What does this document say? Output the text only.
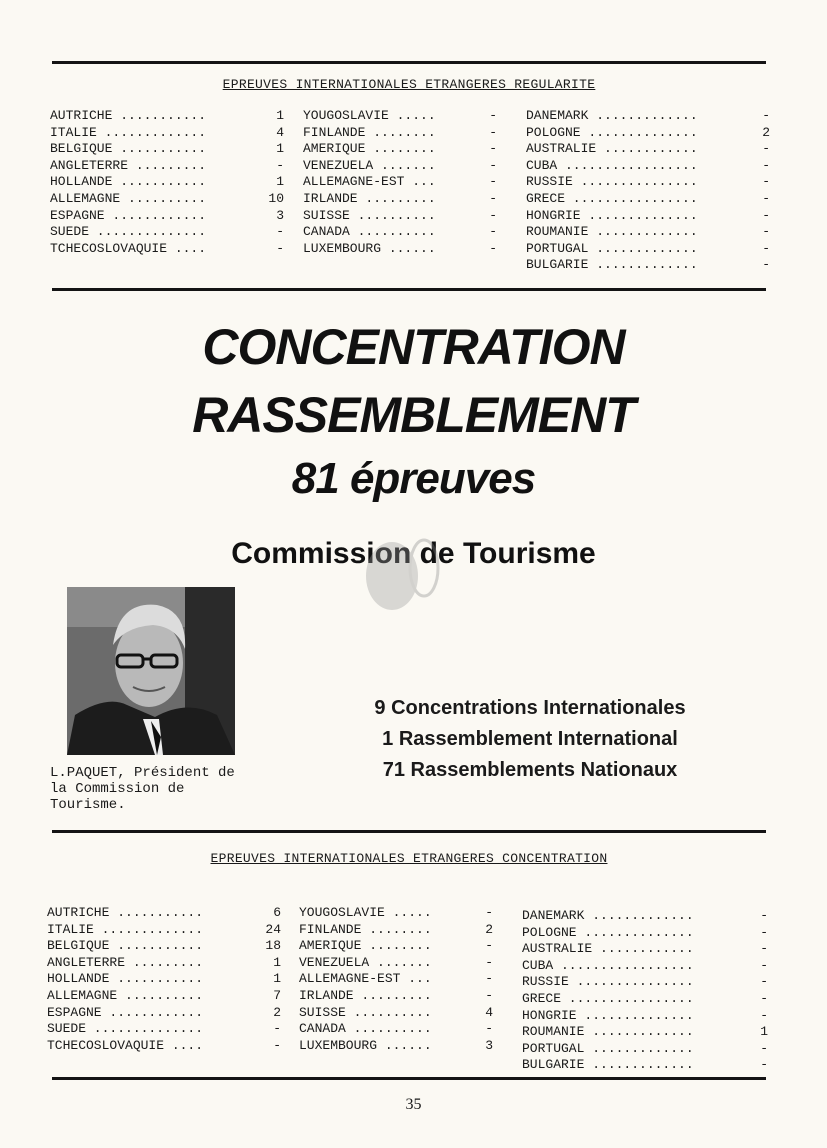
EPREUVES INTERNATIONALES ETRANGERES REGULARITE
AUTRICHE ...........	1
ITALIE .............	4
BELGIQUE ...........	1
ANGLETERRE .........	-
HOLLANDE ...........	1
ALLEMAGNE ..........	10
ESPAGNE ............	3
SUEDE ..............	-
TCHECOSLOVAQUIE ....	-
YOUGOSLAVIE .....	-
FINLANDE ........	-
AMERIQUE ........	-
VENEZUELA .......	-
ALLEMAGNE-EST ...	-
IRLANDE .........	-
SUISSE ..........	-
CANADA ..........	-
LUXEMBOURG ......	-
DANEMARK .............	-
POLOGNE ..............	2
AUSTRALIE ............	-
CUBA .................	-
RUSSIE ...............	-
GRECE ................	-
HONGRIE ..............	-
ROUMANIE .............	-
PORTUGAL .............	-
BULGARIE .............	-
CONCENTRATION
RASSEMBLEMENT
81 épreuves
Commission de Tourisme
L.PAQUET, Président de la Commission de Tourisme.
9 Concentrations Internationales
1 Rassemblement International
71 Rassemblements Nationaux
EPREUVES INTERNATIONALES ETRANGERES CONCENTRATION
AUTRICHE ...........	6
ITALIE .............	24
BELGIQUE ...........	18
ANGLETERRE .........	1
HOLLANDE ...........	1
ALLEMAGNE ..........	7
ESPAGNE ............	2
SUEDE ..............	-
TCHECOSLOVAQUIE ....	-
YOUGOSLAVIE .....	-
FINLANDE ........	2
AMERIQUE ........	-
VENEZUELA .......	-
ALLEMAGNE-EST ...	-
IRLANDE .........	-
SUISSE ..........	4
CANADA ..........	-
LUXEMBOURG ......	3
DANEMARK .............	-
POLOGNE ..............	-
AUSTRALIE ............	-
CUBA .................	-
RUSSIE ...............	-
GRECE ................	-
HONGRIE ..............	-
ROUMANIE .............	1
PORTUGAL .............	-
BULGARIE .............	-
35
